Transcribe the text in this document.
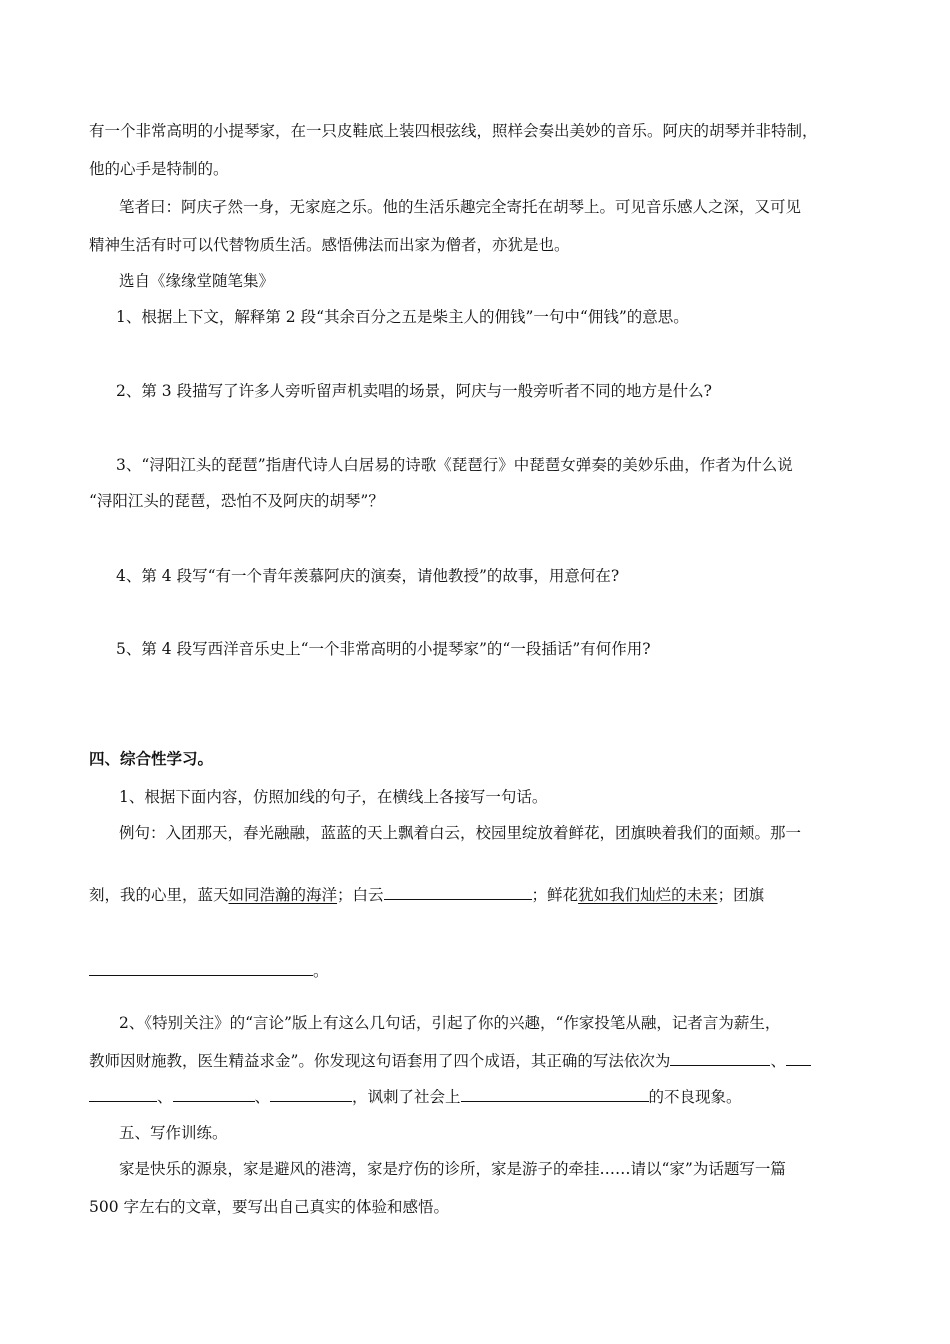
有一个非常高明的小提琴家，在一只皮鞋底上装四根弦线，照样会奏出美妙的音乐。阿庆的胡琴并非特制，
他的心手是特制的。
笔者曰：阿庆孑然一身，无家庭之乐。他的生活乐趣完全寄托在胡琴上。可见音乐感人之深，又可见
精神生活有时可以代替物质生活。感悟佛法而出家为僧者，亦犹是也。
选自《缘缘堂随笔集》
1、根据上下文，解释第 2 段“其余百分之五是柴主人的佣钱”一句中“佣钱”的意思。
2、第 3 段描写了许多人旁听留声机卖唱的场景，阿庆与一般旁听者不同的地方是什么?
3、“浔阳江头的琵琶”指唐代诗人白居易的诗歌《琵琶行》中琵琶女弹奏的美妙乐曲，作者为什么说
“浔阳江头的琵琶，恐怕不及阿庆的胡琴”？
4、第 4 段写“有一个青年羡慕阿庆的演奏，请他教授”的故事，用意何在?
5、第 4 段写西洋音乐史上“一个非常高明的小提琴家”的“一段插话”有何作用?
四、综合性学习。
1、根据下面内容，仿照加线的句子，在横线上各接写一句话。
例句：入团那天，春光融融，蓝蓝的天上飘着白云，校园里绽放着鲜花，团旗映着我们的面颊。那一
刻，我的心里，蓝天如同浩瀚的海洋；白云	；鲜花犹如我们灿烂的未来；团旗
。
2、《特别关注》的“言论”版上有这么几句话，引起了你的兴趣，“作家投笔从融，记者言为薪生，
教师因财施教，医生精益求金”。你发现这句语套用了四个成语，其正确的写法依次为	、
、	、	，讽刺了社会上	的不良现象。
五、写作训练。
家是快乐的源泉，家是避风的港湾，家是疗伤的诊所，家是游子的牵挂……请以“家”为话题写一篇
500 字左右的文章，要写出自己真实的体验和感悟。
